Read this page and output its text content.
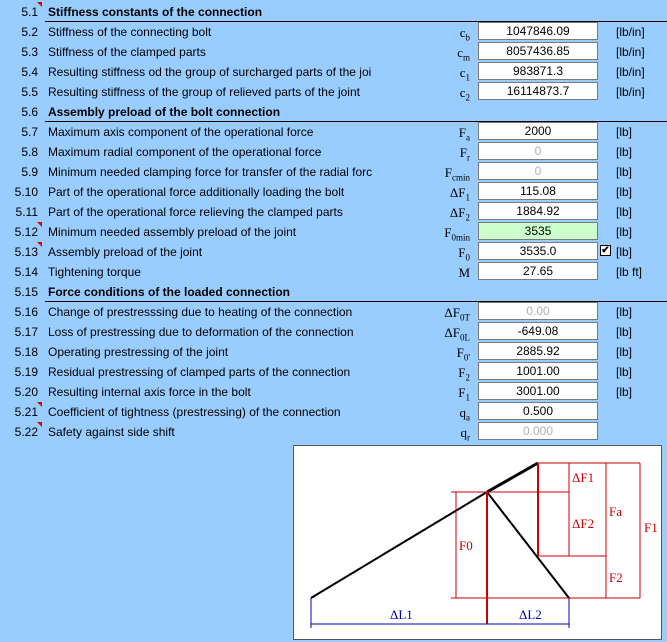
5.1 Stiffness constants of the connection
5.2 Stiffness of the connecting bolt	$c_b$	1047846.09	[lb/in]
5.3 Stiffness of the clamped parts	$c_m$	8057436.85	[lb/in]
5.4 Resulting stiffness od the group of surcharged parts of the joi	$c_1$	983871.3	[lb/in]
5.5 Resulting stiffness of the group of relieved parts of the joint	$c_2$	16114873.7	[lb/in]
5.6 Assembly preload of the bolt connection
5.7 Maximum axis component of the operational force	$F_a$	2000	[lb]
5.8 Maximum radial component of the operational force	$F_r$	0	[lb]
5.9 Minimum needed clamping force for transfer of the radial forc	$F_{cmin}$	0	[lb]
5.10 Part of the operational force additionally loading the bolt	$\Delta F_1$	115.08	[lb]
5.11 Part of the operational force relieving the clamped parts	$\Delta F_2$	1884.92	[lb]
5.12 Minimum needed assembly preload of the joint	$F_{0min}$	3535	[lb]
5.13 Assembly preload of the joint	$F_0$	3535.0	✔ [lb]
5.14 Tightening torque	M	27.65	[lb ft]
5.15 Force conditions of the loaded connection
5.16 Change of prestresssing due to heating of the connection	$\Delta F_{0T}$	0.00	[lb]
5.17 Loss of prestressing due to deformation of the connection	$\Delta F_{0L}$	-649.08	[lb]
5.18 Operating prestressing of the joint	$F_{0'}$	2885.92	[lb]
5.19 Residual prestressing of clamped parts of the connection	$F_2$	1001.00	[lb]
5.20 Resulting internal axis force in the bolt	$F_1$	3001.00	[lb]
5.21 Coefficient of tightness (prestressing) of the connection	$q_a$	0.500
5.22 Safety against side shift	$q_r$	0.000
ΔF1
ΔF2
Fa
F1
F0
F2
ΔL1	ΔL2
